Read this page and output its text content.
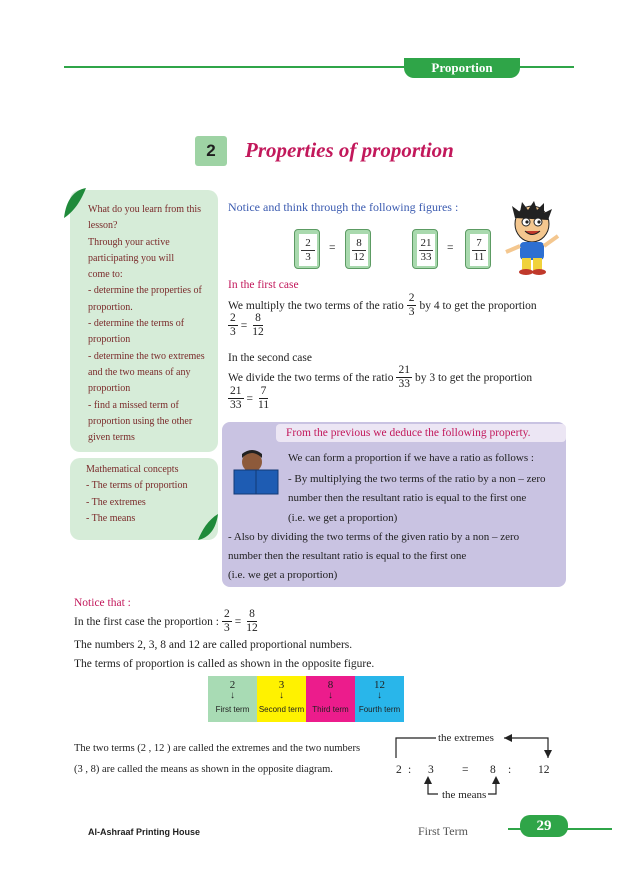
Proportion
2	Properties of proportion
What do you learn from this
lesson?
Through your active
participating you will
come to:
- determine the properties of
proportion.
- determine the terms of
proportion
- determine the two extremes
and the two means of any
proportion
- find a missed term of
proportion using the other
given terms
Mathematical concepts
- The terms of proportion
- The extremes
- The means
Notice and think through the following figures :
$\frac{2}{3} = \frac{8}{12}$	$\frac{21}{33} = \frac{7}{11}$
In the first case
We multiply the two terms of the ratio $\frac{2}{3}$ by 4 to get the proportion
$\frac{2}{3} = \frac{8}{12}$
In the second case
We divide the two terms of the ratio $\frac{21}{33}$ by 3 to get the proportion
$\frac{21}{33} = \frac{7}{11}$
From the previous we deduce the following property.
We can form a proportion if we have a ratio as follows :
- By multiplying the two terms of the ratio by a non – zero
number then the resultant ratio is equal to the first one
(i.e. we get a proportion)
- Also by dividing the two terms of the given ratio by a non – zero
number then the resultant ratio is equal to the first one
(i.e. we get a proportion)
Notice that :
In the first case the proportion : $\frac{2}{3} = \frac{8}{12}$
The numbers 2, 3, 8 and 12 are called proportional numbers.
The terms of proportion is called as shown in the opposite figure.
2
↓
First term
3
↓
Second term
8
↓
Third term
12
↓
Fourth term
The two terms (2 , 12 ) are called the extremes and the two numbers
(3 , 8) are called the means as shown in the opposite diagram.
the extremes
the means
2 : 3 = 8 : 12
Al-Ashraaf Printing House	First Term	29
